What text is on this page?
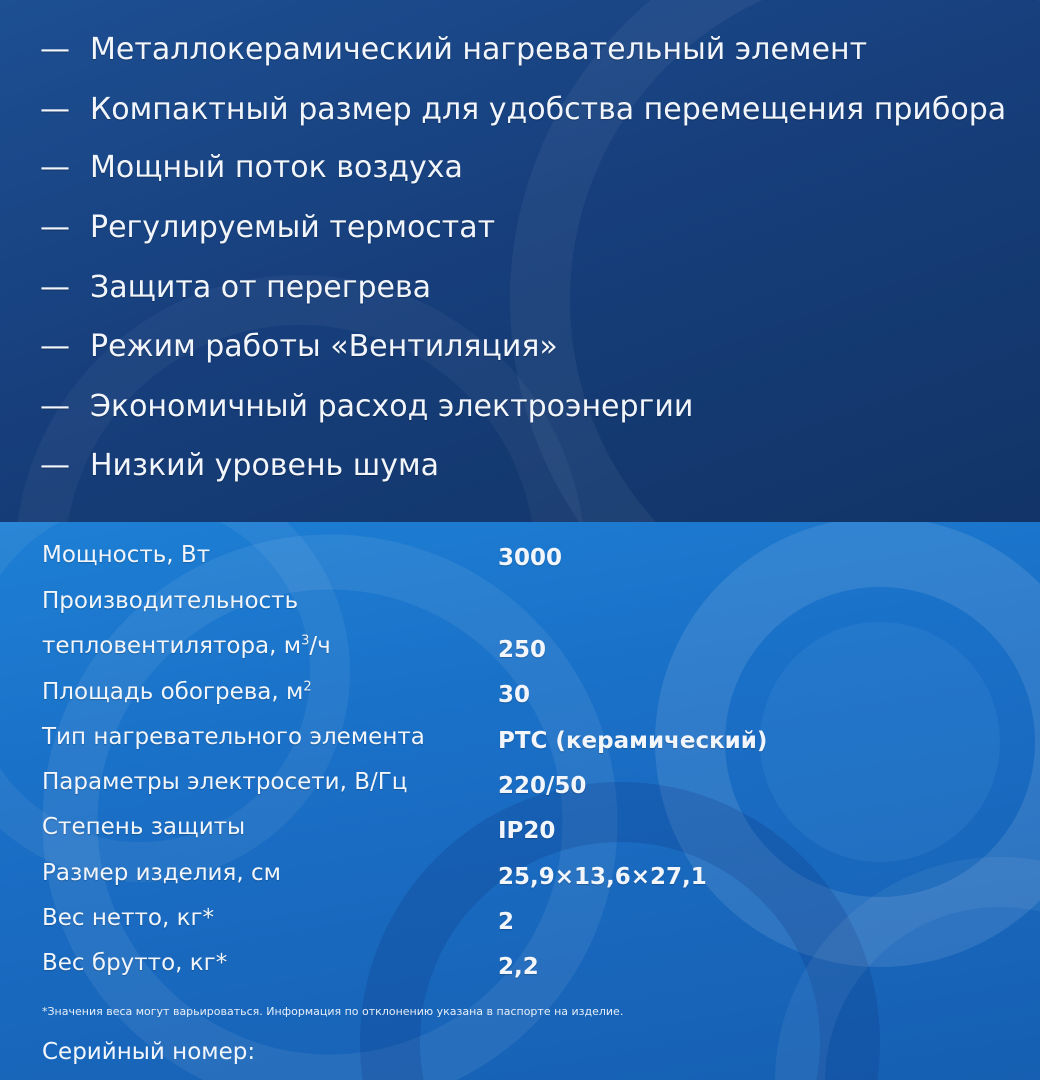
— Металлокерамический нагревательный элемент
— Компактный размер для удобства перемещения прибора
— Мощный поток воздуха
— Регулируемый термостат
— Защита от перегрева
— Режим работы «Вентиляция»
— Экономичный расход электроэнергии
— Низкий уровень шума
Мощность, Вт	3000
Производительность
тепловентилятора, $м^3/ч$	250
Площадь обогрева, $м^2$	30
Тип нагревательного элемента	PTC (керамический)
Параметры электросети, В/Гц	220/50
Степень защиты	IP20
Размер изделия, см	25,9×13,6×27,1
Вес нетто, кг*	2
Вес брутто, кг*	2,2
*Значения веса могут варьироваться. Информация по отклонению указана в паспорте на изделие.
Серийный номер:
